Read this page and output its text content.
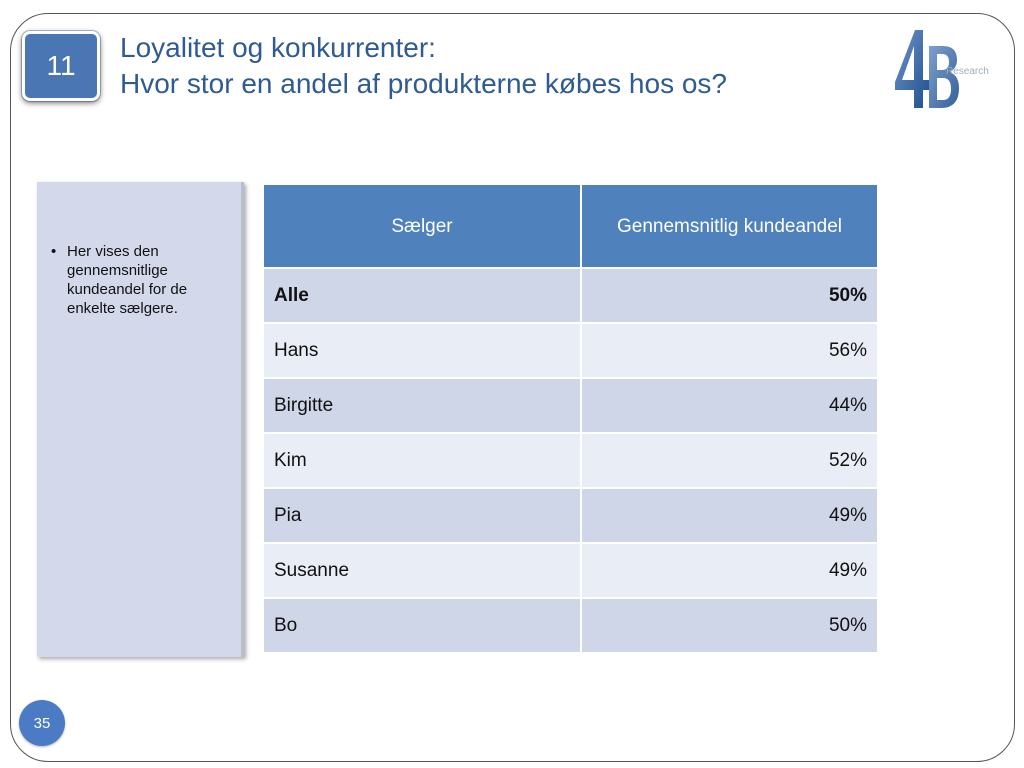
11
Loyalitet og konkurrenter:
Hvor stor en andel af produkterne købes hos os?	Research
• Her vises den gennemsnitlige kundeandel for de enkelte sælgere.
Sælger	Gennemsnitlig kundeandel
Alle	50%
Hans	56%
Birgitte	44%
Kim	52%
Pia	49%
Susanne	49%
Bo	50%
35
